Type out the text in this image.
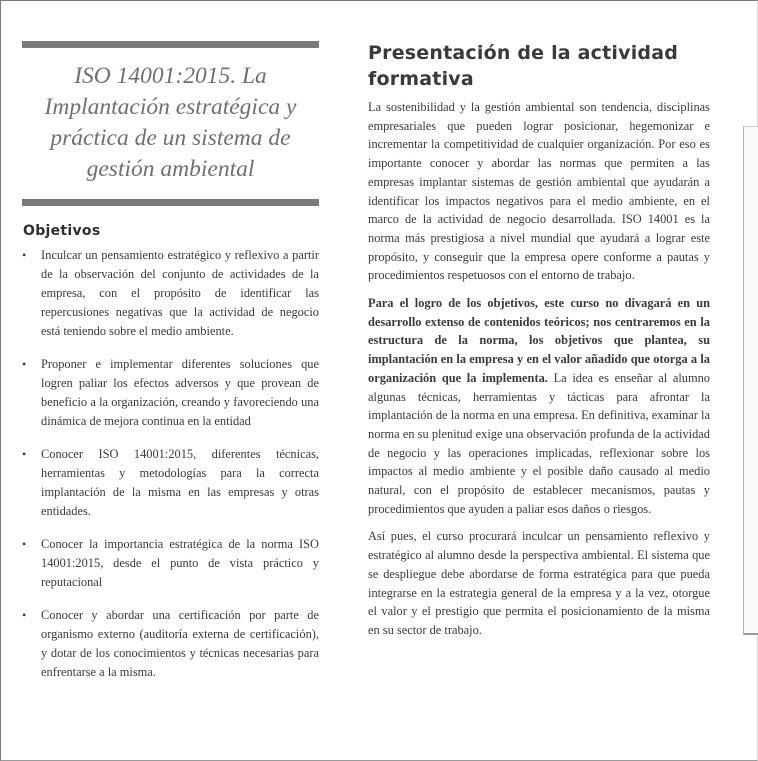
ISO 14001:2015. La Implantación estratégica y práctica de un sistema de gestión ambiental
Objetivos
• Inculcar un pensamiento estratégico y reflexivo a partir de la observación del conjunto de actividades de la empresa, con el propósito de identificar las repercusiones negativas que la actividad de negocio está teniendo sobre el medio ambiente.
• Proponer e implementar diferentes soluciones que logren paliar los efectos adversos y que provean de beneficio a la organización, creando y favoreciendo una dinámica de mejora continua en la entidad
• Conocer ISO 14001:2015, diferentes técnicas, herramientas y metodologías para la correcta implantación de la misma en las empresas y otras entidades.
• Conocer la importancia estratégica de la norma ISO 14001:2015, desde el punto de vista práctico y reputacional
• Conocer y abordar una certificación por parte de organismo externo (auditoría externa de certificación), y dotar de los conocimientos y técnicas necesarias para enfrentarse a la misma.
Presentación de la actividad formativa

La sostenibilidad y la gestión ambiental son tendencia, disciplinas empresariales que pueden lograr posicionar, hegemonizar e incrementar la competitividad de cualquier organización. Por eso es importante conocer y abordar las normas que permiten a las empresas implantar sistemas de gestión ambiental que ayudarán a identificar los impactos negativos para el medio ambiente, en el marco de la actividad de negocio desarrollada. ISO 14001 es la norma más prestigiosa a nivel mundial que ayudará a lograr este propósito, y conseguir que la empresa opere conforme a pautas y procedimientos respetuosos con el entorno de trabajo.

Para el logro de los objetivos, este curso no divagará en un desarrollo extenso de contenidos teóricos; nos centraremos en la estructura de la norma, los objetivos que plantea, su implantación en la empresa y en el valor añadido que otorga a la organización que la implementa. La idea es enseñar al alumno algunas técnicas, herramientas y tácticas para afrontar la implantación de la norma en una empresa. En definitiva, examinar la norma en su plenitud exige una observación profunda de la actividad de negocio y las operaciones implicadas, reflexionar sobre los impactos al medio ambiente y el posible daño causado al medio natural, con el propósito de establecer mecanismos, pautas y procedimientos que ayuden a paliar esos daños o riesgos.

Así pues, el curso procurará inculcar un pensamiento reflexivo y estratégico al alumno desde la perspectiva ambiental. El sistema que se despliegue debe abordarse de forma estratégica para que pueda integrarse en la estrategia general de la empresa y a la vez, otorgue el valor y el prestigio que permita el posicionamiento de la misma en su sector de trabajo.
